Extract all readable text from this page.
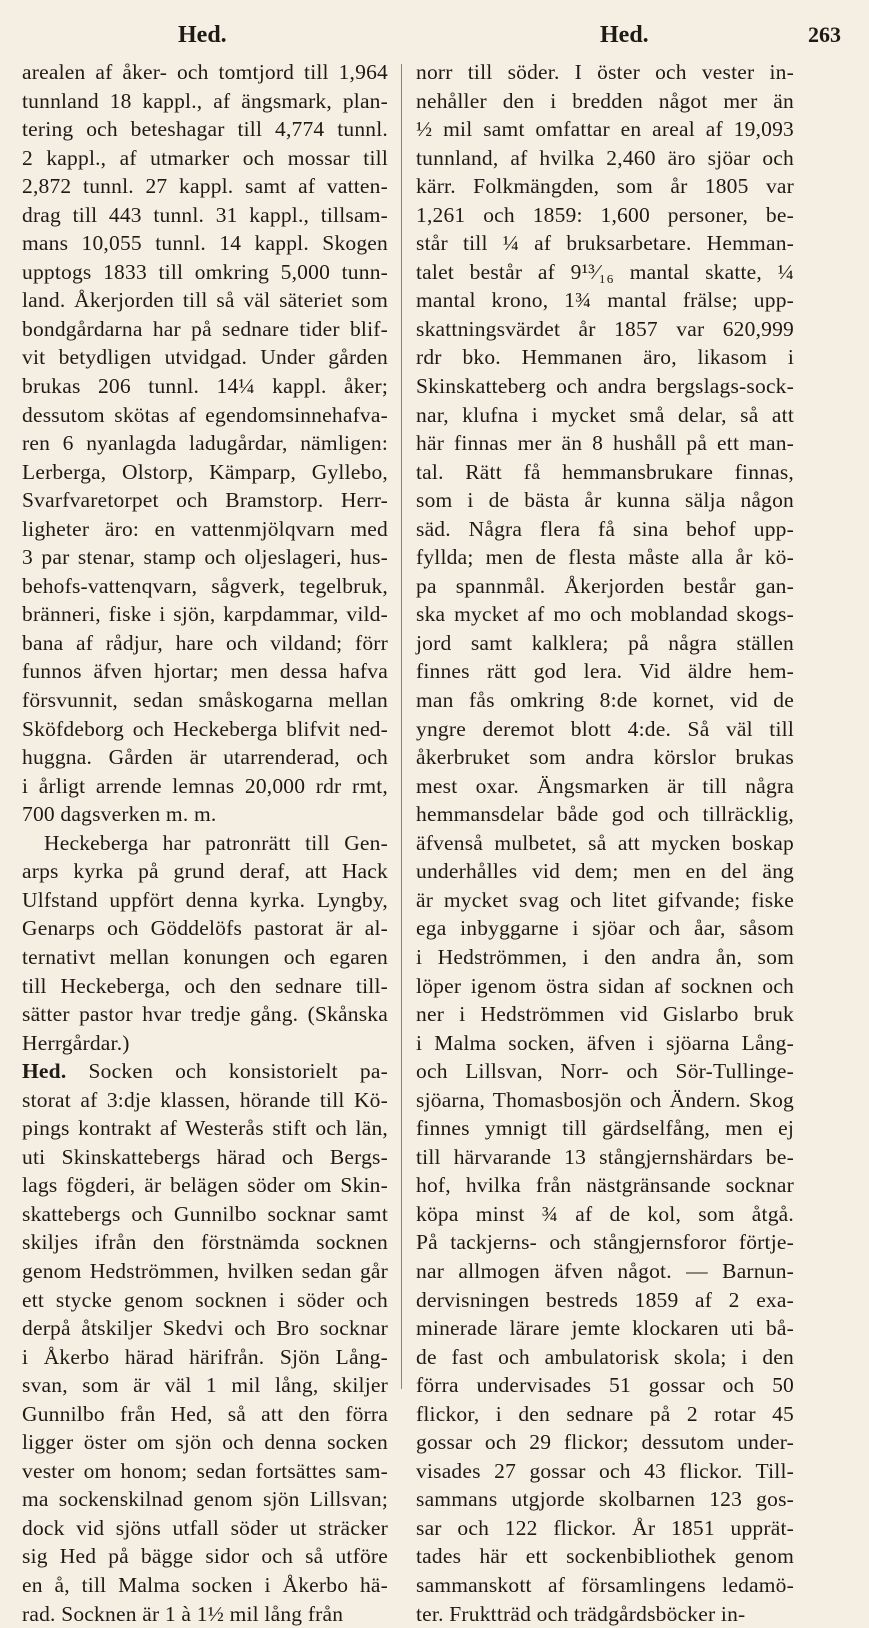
Hed.	Hed.	263
arealen af åker- och tomtjord till 1,964
tunnland 18 kappl., af ängsmark, plan-
tering och beteshagar till 4,774 tunnl.
2 kappl., af utmarker och mossar till
2,872 tunnl. 27 kappl. samt af vatten-
drag till 443 tunnl. 31 kappl., tillsam-
mans 10,055 tunnl. 14 kappl. Skogen
upptogs 1833 till omkring 5,000 tunn-
land. Åkerjorden till så väl säteriet som
bondgårdarna har på sednare tider blif-
vit betydligen utvidgad. Under gården
brukas 206 tunnl. 14¼ kappl. åker;
dessutom skötas af egendomsinnehafva-
ren 6 nyanlagda ladugårdar, nämligen:
Lerberga, Olstorp, Kämparp, Gyllebo,
Svarfvaretorpet och Bramstorp. Herr-
ligheter äro: en vattenmjölqvarn med
3 par stenar, stamp och oljeslageri, hus-
behofs-vattenqvarn, sågverk, tegelbruk,
bränneri, fiske i sjön, karpdammar, vild-
bana af rådjur, hare och vildand; förr
funnos äfven hjortar; men dessa hafva
försvunnit, sedan småskogarna mellan
Sköfdeborg och Heckeberga blifvit ned-
huggna. Gården är utarrenderad, och
i årligt arrende lemnas 20,000 rdr rmt,
700 dagsverken m. m.
Heckeberga har patronrätt till Gen-
arps kyrka på grund deraf, att Hack
Ulfstand uppfört denna kyrka. Lyngby,
Genarps och Göddelöfs pastorat är al-
ternativt mellan konungen och egaren
till Heckeberga, och den sednare till-
sätter pastor hvar tredje gång. (Skånska
Herrgårdar.)
Hed. Socken och konsistorielt pa-
storat af 3:dje klassen, hörande till Kö-
pings kontrakt af Westerås stift och län,
uti Skinskattebergs härad och Bergs-
lags fögderi, är belägen söder om Skin-
skattebergs och Gunnilbo socknar samt
skiljes ifrån den förstnämda socknen
genom Hedströmmen, hvilken sedan går
ett stycke genom socknen i söder och
derpå åtskiljer Skedvi och Bro socknar
i Åkerbo härad härifrån. Sjön Lång-
svan, som är väl 1 mil lång, skiljer
Gunnilbo från Hed, så att den förra
ligger öster om sjön och denna socken
vester om honom; sedan fortsättes sam-
ma sockenskilnad genom sjön Lillsvan;
dock vid sjöns utfall söder ut sträcker
sig Hed på bägge sidor och så utföre
en å, till Malma socken i Åkerbo hä-
rad. Socknen är 1 à 1½ mil lång från
norr till söder. I öster och vester in-
nehåller den i bredden något mer än
½ mil samt omfattar en areal af 19,093
tunnland, af hvilka 2,460 äro sjöar och
kärr. Folkmängden, som år 1805 var
1,261 och 1859: 1,600 personer, be-
står till ¼ af bruksarbetare. Hemman-
talet består af 9¹³⁄₁₆ mantal skatte, ¼
mantal krono, 1¾ mantal frälse; upp-
skattningsvärdet år 1857 var 620,999
rdr bko. Hemmanen äro, likasom i
Skinskatteberg och andra bergslags-sock-
nar, klufna i mycket små delar, så att
här finnas mer än 8 hushåll på ett man-
tal. Rätt få hemmansbrukare finnas,
som i de bästa år kunna sälja någon
säd. Några flera få sina behof upp-
fyllda; men de flesta måste alla år kö-
pa spannmål. Åkerjorden består gan-
ska mycket af mo och moblandad skogs-
jord samt kalklera; på några ställen
finnes rätt god lera. Vid äldre hem-
man fås omkring 8:de kornet, vid de
yngre deremot blott 4:de. Så väl till
åkerbruket som andra körslor brukas
mest oxar. Ängsmarken är till några
hemmansdelar både god och tillräcklig,
äfvenså mulbetet, så att mycken boskap
underhålles vid dem; men en del äng
är mycket svag och litet gifvande; fiske
ega inbyggarne i sjöar och åar, såsom
i Hedströmmen, i den andra ån, som
löper igenom östra sidan af socknen och
ner i Hedströmmen vid Gislarbo bruk
i Malma socken, äfven i sjöarna Lång-
och Lillsvan, Norr- och Sör-Tullinge-
sjöarna, Thomasbosjön och Ändern. Skog
finnes ymnigt till gärdselfång, men ej
till härvarande 13 stångjernshärdars be-
hof, hvilka från nästgränsande socknar
köpa minst ¾ af de kol, som åtgå.
På tackjerns- och stångjernsforor förtje-
nar allmogen äfven något. — Barnun-
dervisningen bestreds 1859 af 2 exa-
minerade lärare jemte klockaren uti bå-
de fast och ambulatorisk skola; i den
förra undervisades 51 gossar och 50
flickor, i den sednare på 2 rotar 45
gossar och 29 flickor; dessutom under-
visades 27 gossar och 43 flickor. Till-
sammans utgjorde skolbarnen 123 gos-
sar och 122 flickor. År 1851 upprät-
tades här ett sockenbibliothek genom
sammanskott af församlingens ledamö-
ter. Fruktträd och trädgårdsböcker in-
